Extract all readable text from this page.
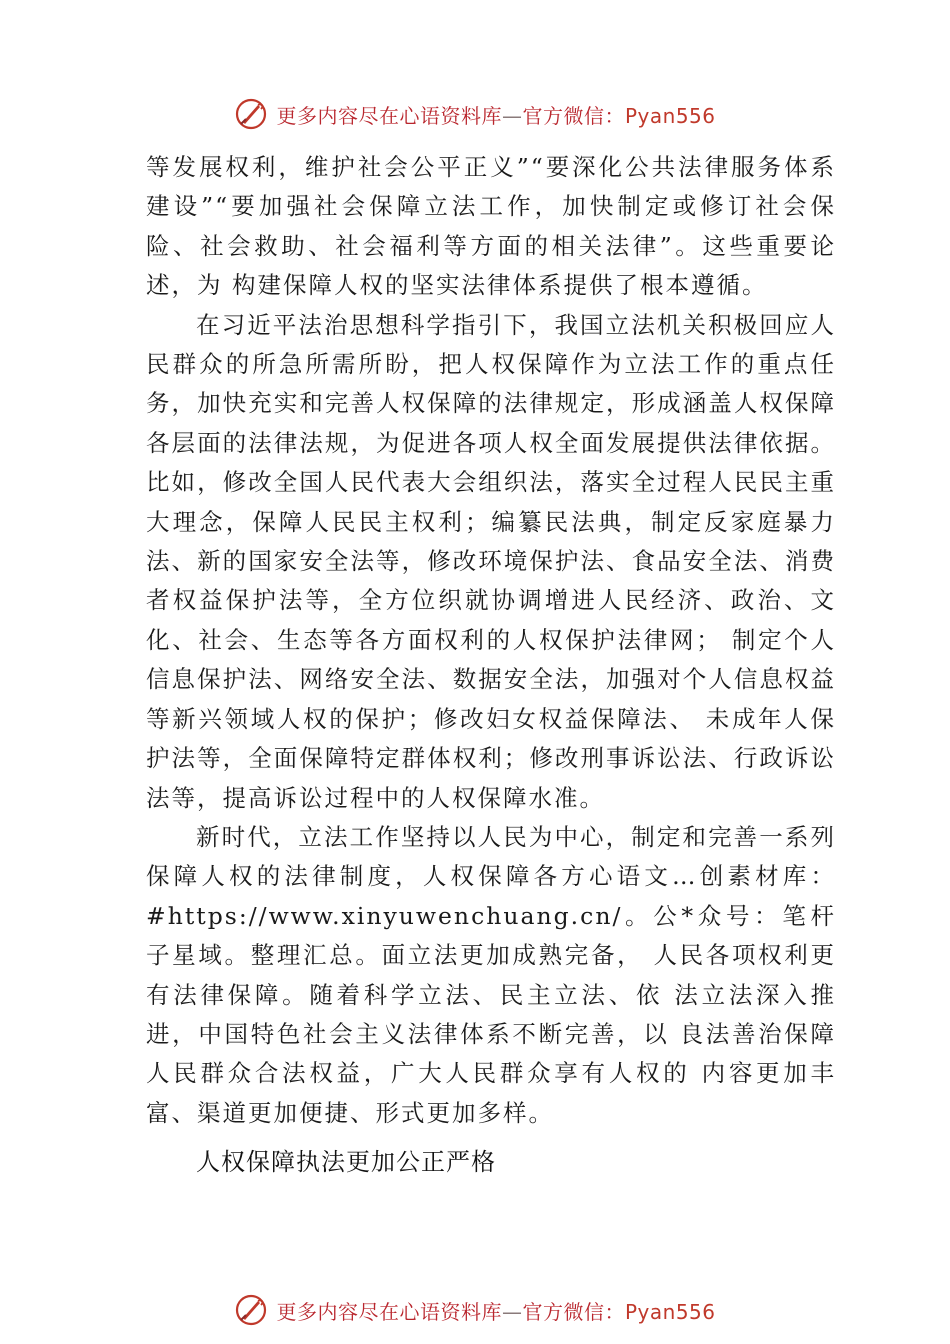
更多内容尽在心语资料库—官方微信：Pyan556

等发展权利，维护社会公平正义”“要深化公共法律服务体系 建设”“要加强社会保障立法工作，加快制定或修订社会保险、社会救助、社会福利等方面的相关法律”。这些重要论述，为 构建保障人权的坚实法律体系提供了根本遵循。

在习近平法治思想科学指引下，我国立法机关积极回应人民群众的所急所需所盼，把人权保障作为立法工作的重点任务，加快充实和完善人权保障的法律规定，形成涵盖人权保障各层面的法律法规，为促进各项人权全面发展提供法律依据。比如，修改全国人民代表大会组织法，落实全过程人民民主重大理念，保障人民民主权利；编纂民法典，制定反家庭暴力法、新的国家安全法等，修改环境保护法、食品安全法、消费者权益保护法等，全方位织就协调增进人民经济、政治、文化、社会、生态等各方面权利的人权保护法律网； 制定个人信息保护法、网络安全法、数据安全法，加强对个人信息权益等新兴领域人权的保护；修改妇女权益保障法、 未成年人保护法等，全面保障特定群体权利；修改刑事诉讼法、行政诉讼法等，提高诉讼过程中的人权保障水准。

新时代，立法工作坚持以人民为中心，制定和完善一系列保障人权的法律制度，人权保障各方心语文…创素材库：#https://www.xinyuwenchuang.cn/。公*众号：笔杆子星域。整理汇总。面立法更加成熟完备， 人民各项权利更有法律保障。随着科学立法、民主立法、依 法立法深入推进，中国特色社会主义法律体系不断完善，以 良法善治保障人民群众合法权益，广大人民群众享有人权的 内容更加丰富、渠道更加便捷、形式更加多样。

人权保障执法更加公正严格
更多内容尽在心语资料库—官方微信：Pyan556
